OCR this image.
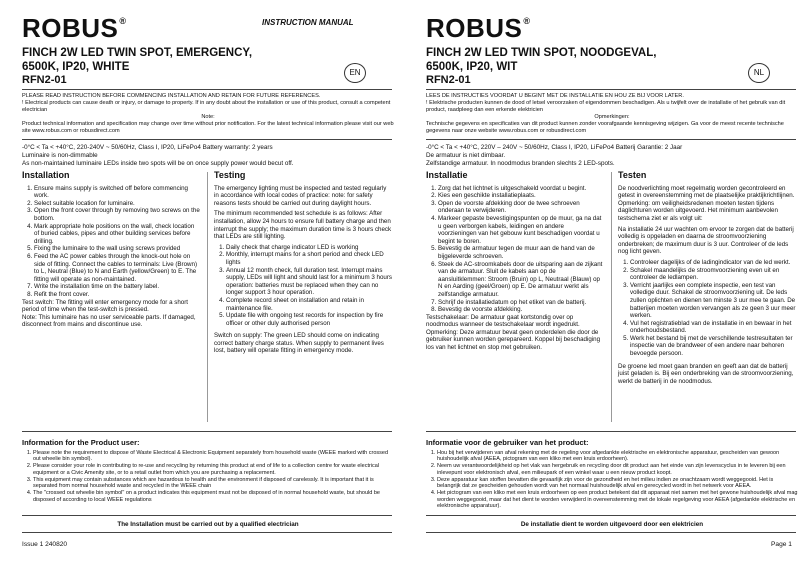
ROBUS®	INSTRUCTION MANUAL
FINCH 2W LED TWIN SPOT, EMERGENCY,
6500K, IP20, WHITE
RFN2-01
EN
PLEASE READ INSTRUCTION BEFORE COMMENCING INSTALLATION AND RETAIN FOR FUTURE REFERENCES.
! Electrical products can cause death or injury, or damage to property. If in any doubt about the installation or use of this product, consult a competent electrician
Note:
Product technical information and specification may change over time without prior notification. For the latest technical information please visit our web site www.robus.com or robusdirect.com
-0°C < Ta < +40°C, 220-240V ~ 50/60Hz, Class I, IP20, LiFePo4 Battery warranty: 2 years
Luminaire is non-dimmable
As non-maintained luminaire LEDs inside two spots will be on once supply power would becut off.
Installation
1. Ensure mains supply is switched off before commencing work.
2. Select suitable location for luminaire.
3. Open the front cover through by removing two screws on the bottom.
4. Mark appropriate hole positions on the wall, check location of buried cables, pipes and other building services before drilling.
5. Fixing the luminaire to the wall using screws provided
6. Feed the AC power cables through the knock-out hole on side of fitting. Connect the cables to terminals: Live (Brown) to L, Neutral (Blue) to N and Earth (yellow/Green) to E. The fitting will operate as non-maintained.
7. Write the installation time on the battery label.
8. Refit the front cover.
Test switch: The fitting will enter emergency mode for a short period of time when the test-switch is pressed.
Note: This luminaire has no user serviceable parts. If damaged, disconnect from mains and discontinue use.
Testing

The emergency lighting must be inspected and tested regularly in accordance with local codes of practice: note: for safety reasons tests should be carried out during daylight hours.

The minimum recommended test schedule is as follows: After installation, allow 24 hours to ensure full battery charge and then interrupt the supply; the maximum duration time is 3 hours check that LEDs are still lighting.

1. Daily check that charge indicator LED is working
2. Monthly, interrupt mains for a short period and check LED lights
3. Annual 12 month check, full duration test. Interrupt mains supply, LEDs will light and should last for a minimum 3 hours operation: batteries must be replaced when they can no longer support 3 hour operation.
4. Complete record sheet on installation and retain in maintenance file.
5. Update file with ongoing test records for inspection by fire officer or other duly authorised person

Switch on supply: The green LED should come on indicating correct battery charge status. When supply to permanent lives lost, battery will operate fitting in emergency mode.

Information for the Product user:
1. Please note the requirement to dispose of Waste Electrical & Electronic Equipment separately from household waste (WEEE marked with crossed out wheelie bin symbol).
2. Please consider your role in contributing to re-use and recycling by returning this product at end of life to a collection centre for waste electrical equipment or a Civic Amenity site, or to a retail outlet from which you are purchasing a replacement.
3. This equipment may contain substances which are hazardous to health and the environment if disposed of carelessly. It is important that it is separated from normal household waste and recycled in the WEEE chain
4. The "crossed out wheelie bin symbol" on a product indicates this equipment must not be disposed of in normal household waste, but should be disposed of according to local WEEE regulations
The Installation must be carried out by a qualified electrician
Issue 1 240820
ROBUS®
FINCH 2W LED TWIN SPOT, NOODGEVAL,
6500K, IP20, WIT
RFN2-01
NL
LEES DE INSTRUCTIES VOORDAT U BEGINT MET DE INSTALLATIE EN HOU ZE BIJ VOOR LATER.
! Elektrische producten kunnen de dood of letsel veroorzaken of eigendommen beschadigen. Als u twijfelt over de installatie of het gebruik van dit product, raadpleeg dan een erkende elektricien
Opmerkingen:
Technische gegevens en specificaties van dit product kunnen zonder voorafgaande kennisgeving wijzigen. Ga voor de meest recente technische gegevens naar onze website www.robus.com or robusdirect.com
-0°C < Ta < +40°C, 220V – 240V ~ 50/60Hz, Class I, IP20, LiFePo4 Batterij Garantie: 2 Jaar
De armatuur is niet dimbaar.
Zelfstandige armatuur. In noodmodus branden slechts 2 LED-spots.
Installatie
1. Zorg dat het lichtnet is uitgeschakeld voordat u begint.
2. Kies een geschikte installatieplaats.
3. Open de voorste afdekking door de twee schroeven onderaan te verwijderen.
4. Markeer gepaste bevestigingspunten op de muur, ga na dat u geen verborgen kabels, leidingen en andere voorzieningen van het gebouw kunt beschadigen voordat u begint te boren.
5. Bevestig de armatuur tegen de muur aan de hand van de bijgeleverde schroeven.
6. Steek de AC-stroomkabels door de uitsparing aan de zijkant van de armatuur. Sluit de kabels aan op de aansluitklemmen: Stroom (Bruin) op L, Neutraal (Blauw) op N en Aarding (geel/Groen) op E. De armatuur werkt als zelfstandige armatuur.
7. Schrijf de installatiedatum op het etiket van de batterij.
8. Bevestig de voorste afdekking.
Testschakelaar: De armatuur gaat kortstondig over op noodmodus wanneer de testschakelaar wordt ingedrukt.
Opmerking: Deze armatuur bevat geen onderdelen die door de gebruiker kunnen worden gerepareerd. Koppel bij beschadiging los van het lichtnet en stop met gebruiken.
Testen

De noodverlichting moet regelmatig worden gecontroleerd en getest in overeenstemming met de plaatselijke praktijkrichtlijnen. Opmerking: om veiligheidsredenen moeten testen tijdens daglichturen worden uitgevoerd. Het minimum aanbevolen testschema ziet er als volgt uit:

Na installatie 24 uur wachten om ervoor te zorgen dat de batterij volledig is opgeladen en daarna de stroomvoorziening onderbreken; de maximum duur is 3 uur. Controleer of de leds nog licht geven.

1. Controleer dagelijks of de ladingindicator van de led werkt.
2. Schakel maandelijks de stroomvoorziening even uit en controleer de ledlampen.
3. Verricht jaarlijks een complete inspectie, een test van volledige duur. Schakel de stroomvoorziening uit. De leds zullen oplichten en dienen ten minste 3 uur mee te gaan. De batterijen moeten worden vervangen als ze geen 3 uur meer werken.
4. Vul het registratieblad van de installatie in en bewaar in het onderhoudsbestand.
5. Werk het bestand bij met de verschillende testresultaten ter inspectie van de brandweer of een andere naar behoren bevoegde persoon.

De groene led moet gaan branden en geeft aan dat de batterij juist geladen is. Bij een onderbreking van de stroomvoorziening, werkt de batterij in de noodmodus.

Informatie voor de gebruiker van het product:
1. Hou bij het verwijderen van afval rekening met de regeling voor afgedankte elektrische en elektronische apparatuur, gescheiden van gewoon huishoudelijk afval (AEEA, pictogram van een kliko met een kruis erdoorheen).
2. Neem uw verantwoordelijkheid op het vlak van hergebruik en recycling door dit product aan het einde van zijn levenscyclus in te leveren bij een inlevepunt voor elektronisch afval, een milieupark of een winkel waar u een nieuw product koopt.
3. Deze apparatuur kan stoffen bevatten die gevaarlijk zijn voor de gezondheid en het milieu indien ze onachtzaam wordt weggegooid. Het is belangrijk dat ze gescheiden gehouden wordt van het normaal huishoudelijk afval en gerecycled wordt in het netwerk voor AEEA.
4. Het pictogram van een kliko met een kruis erdoorheen op een product betekent dat dit apparaat niet samen met het gewone huishoudelijk afval mag worden weggegooid, maar dat het dient te worden verwijderd in overeenstemming met de lokale regelgeving voor AEEA (afgedankte elektrische en elektronische apparatuur).
De installatie dient te worden uitgevoerd door een elektricien
Page 1
